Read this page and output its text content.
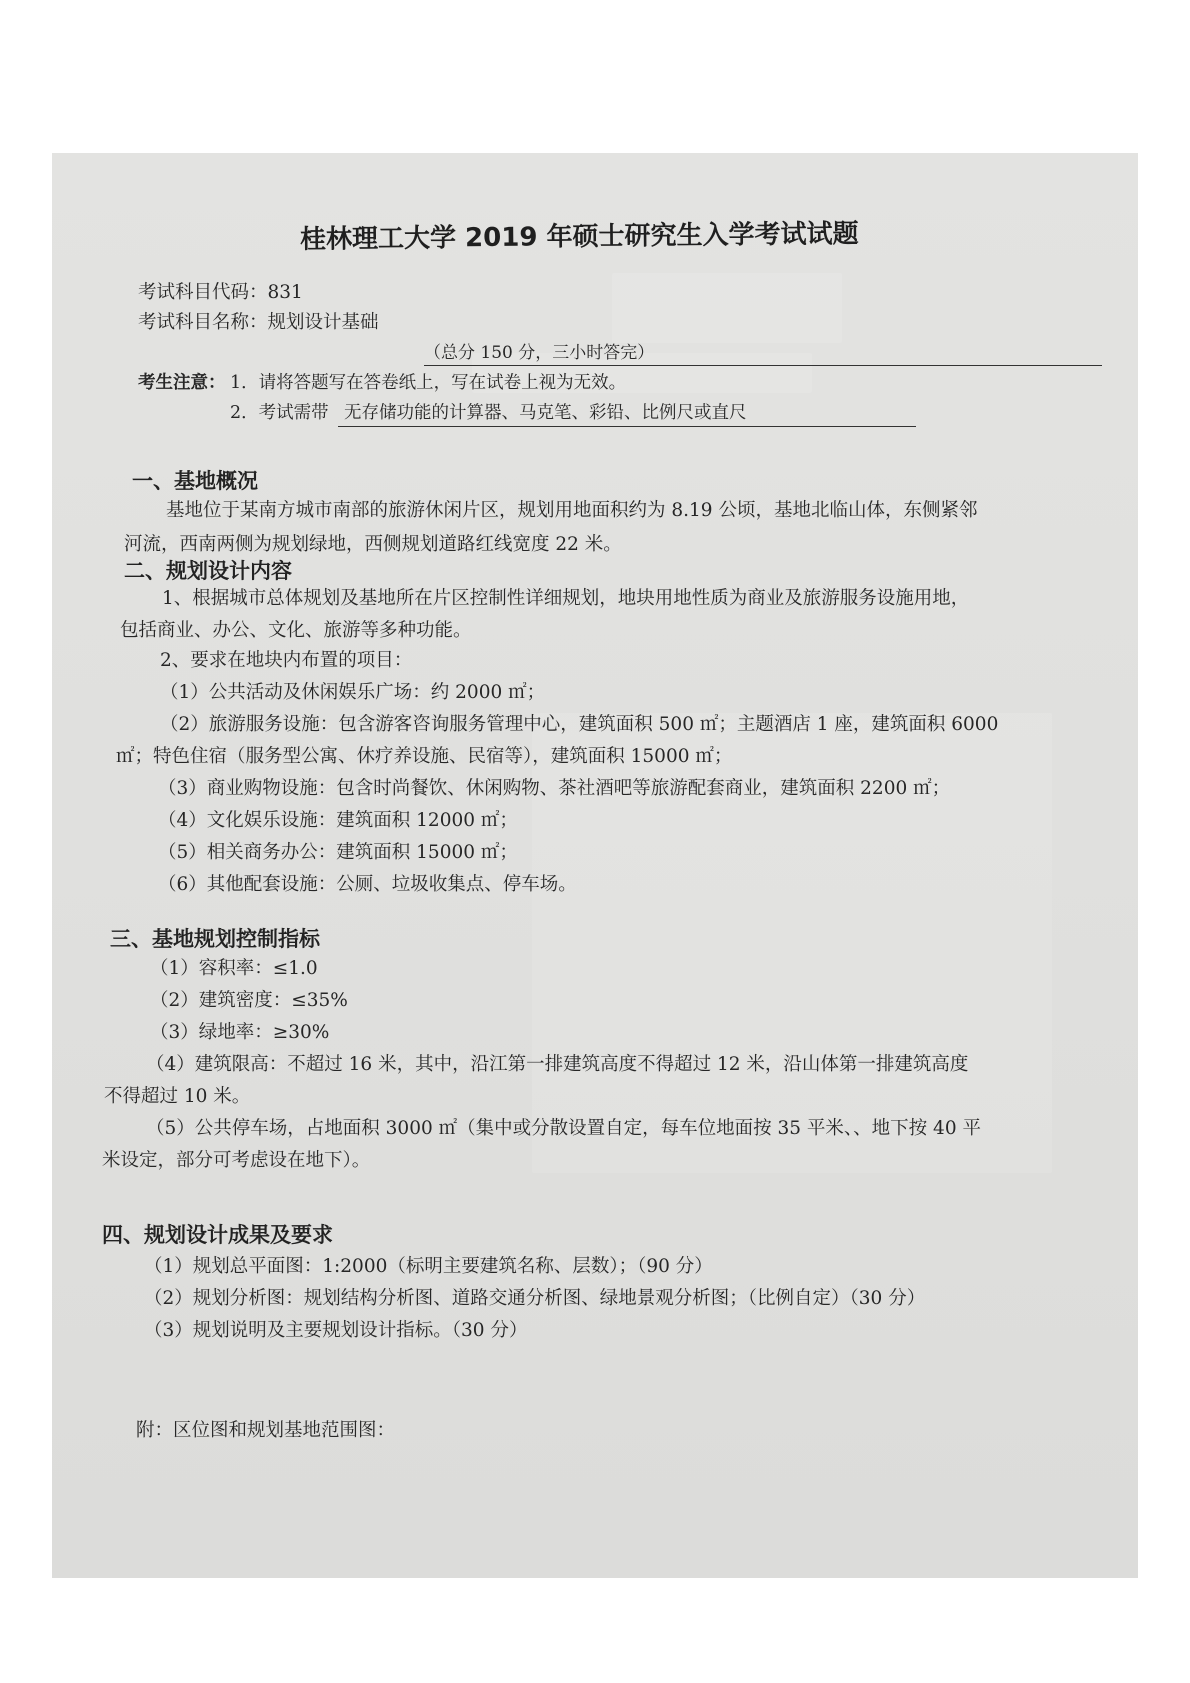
桂林理工大学 2019 年硕士研究生入学考试试题
考试科目代码：831
考试科目名称：规划设计基础
（总分 150 分，三小时答完）
考生注意： 1．请将答题写在答卷纸上，写在试卷上视为无效。
2．考试需带 无存储功能的计算器、马克笔、彩铅、比例尺或直尺
一、基地概况
基地位于某南方城市南部的旅游休闲片区，规划用地面积约为 8.19 公顷，基地北临山体，东侧紧邻
河流，西南两侧为规划绿地，西侧规划道路红线宽度 22 米。
二、规划设计内容
1、根据城市总体规划及基地所在片区控制性详细规划，地块用地性质为商业及旅游服务设施用地，
包括商业、办公、文化、旅游等多种功能。
2、要求在地块内布置的项目：
（1）公共活动及休闲娱乐广场：约 2000 ㎡；
（2）旅游服务设施：包含游客咨询服务管理中心，建筑面积 500 ㎡；主题酒店 1 座，建筑面积 6000
㎡；特色住宿（服务型公寓、休疗养设施、民宿等），建筑面积 15000 ㎡；
（3）商业购物设施：包含时尚餐饮、休闲购物、茶社酒吧等旅游配套商业，建筑面积 2200 ㎡；
（4）文化娱乐设施：建筑面积 12000 ㎡；
（5）相关商务办公：建筑面积 15000 ㎡；
（6）其他配套设施：公厕、垃圾收集点、停车场。
三、基地规划控制指标
（1）容积率：≤1.0
（2）建筑密度：≤35%
（3）绿地率：≥30%
（4）建筑限高：不超过 16 米，其中，沿江第一排建筑高度不得超过 12 米，沿山体第一排建筑高度
不得超过 10 米。
（5）公共停车场，占地面积 3000 ㎡（集中或分散设置自定，每车位地面按 35 平米、、地下按 40 平
米设定，部分可考虑设在地下）。
四、规划设计成果及要求
（1）规划总平面图：1:2000（标明主要建筑名称、层数）；（90 分）
（2）规划分析图：规划结构分析图、道路交通分析图、绿地景观分析图；（比例自定）（30 分）
（3）规划说明及主要规划设计指标。（30 分）
附：区位图和规划基地范围图：
